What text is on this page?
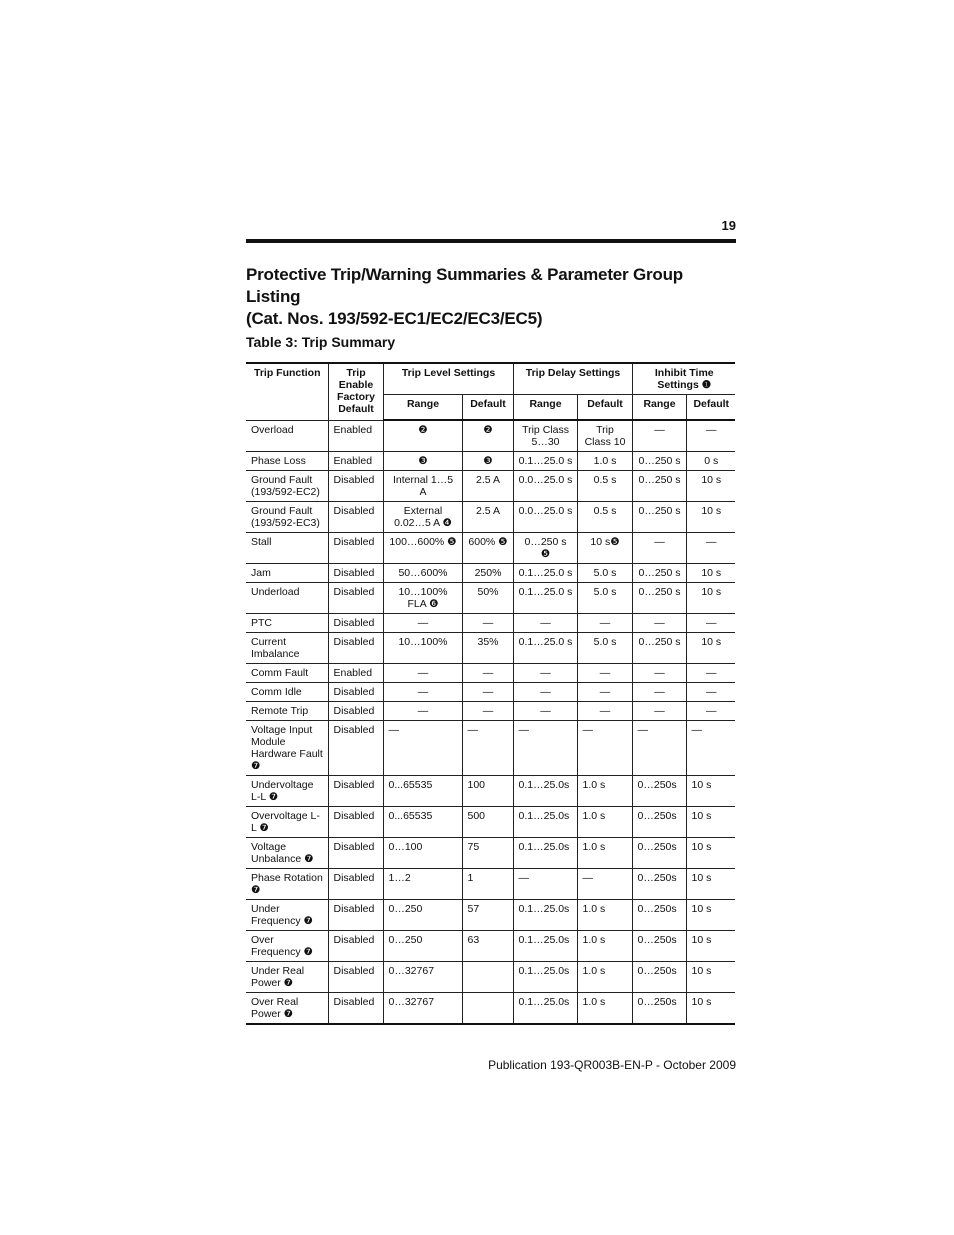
19
Protective Trip/Warning Summaries & Parameter Group Listing
(Cat. Nos. 193/592-EC1/EC2/EC3/EC5)
Table 3: Trip Summary
Trip Function	Trip Enable Factory Default	Trip Level Settings		Trip Delay Settings		Inhibit Time Settings ❶	
		Range	Default	Range	Default	Range	Default
Overload	Enabled	❷	❷	Trip Class 5…30	Trip Class 10	—	—
Phase Loss	Enabled	❸	❸	0.1…25.0 s	1.0 s	0…250 s	0 s
Ground Fault (193/592-EC2)	Disabled	Internal 1…5 A	2.5 A	0.0…25.0 s	0.5 s	0…250 s	10 s
Ground Fault (193/592-EC3)	Disabled	External 0.02…5 A ❹	2.5 A	0.0…25.0 s	0.5 s	0…250 s	10 s
Stall	Disabled	100…600% ❺	600% ❺	0…250 s ❺	10 s❺	—	—
Jam	Disabled	50…600%	250%	0.1…25.0 s	5.0 s	0…250 s	10 s
Underload	Disabled	10…100% FLA ❻	50%	0.1…25.0 s	5.0 s	0…250 s	10 s
PTC	Disabled	—	—	—	—	—	—
Current Imbalance	Disabled	10…100%	35%	0.1…25.0 s	5.0 s	0…250 s	10 s
Comm Fault	Enabled	—	—	—	—	—	—
Comm Idle	Disabled	—	—	—	—	—	—
Remote Trip	Disabled	—	—	—	—	—	—
Voltage Input Module Hardware Fault ❼	Disabled	—	—	—	—	—	—
Undervoltage L-L ❼	Disabled	0...65535	100	0.1…25.0s	1.0 s	0…250s	10 s
Overvoltage L-L ❼	Disabled	0...65535	500	0.1…25.0s	1.0 s	0…250s	10 s
Voltage Unbalance ❼	Disabled	0…100	75	0.1…25.0s	1.0 s	0…250s	10 s
Phase Rotation ❼	Disabled	1…2	1	—	—	0…250s	10 s
Under Frequency ❼	Disabled	0…250	57	0.1…25.0s	1.0 s	0…250s	10 s
Over Frequency ❼	Disabled	0…250	63	0.1…25.0s	1.0 s	0…250s	10 s
Under Real Power ❼	Disabled	0…32767		0.1…25.0s	1.0 s	0…250s	10 s
Over Real Power ❼	Disabled	0…32767		0.1…25.0s	1.0 s	0…250s	10 s
Publication 193-QR003B-EN-P - October 2009
